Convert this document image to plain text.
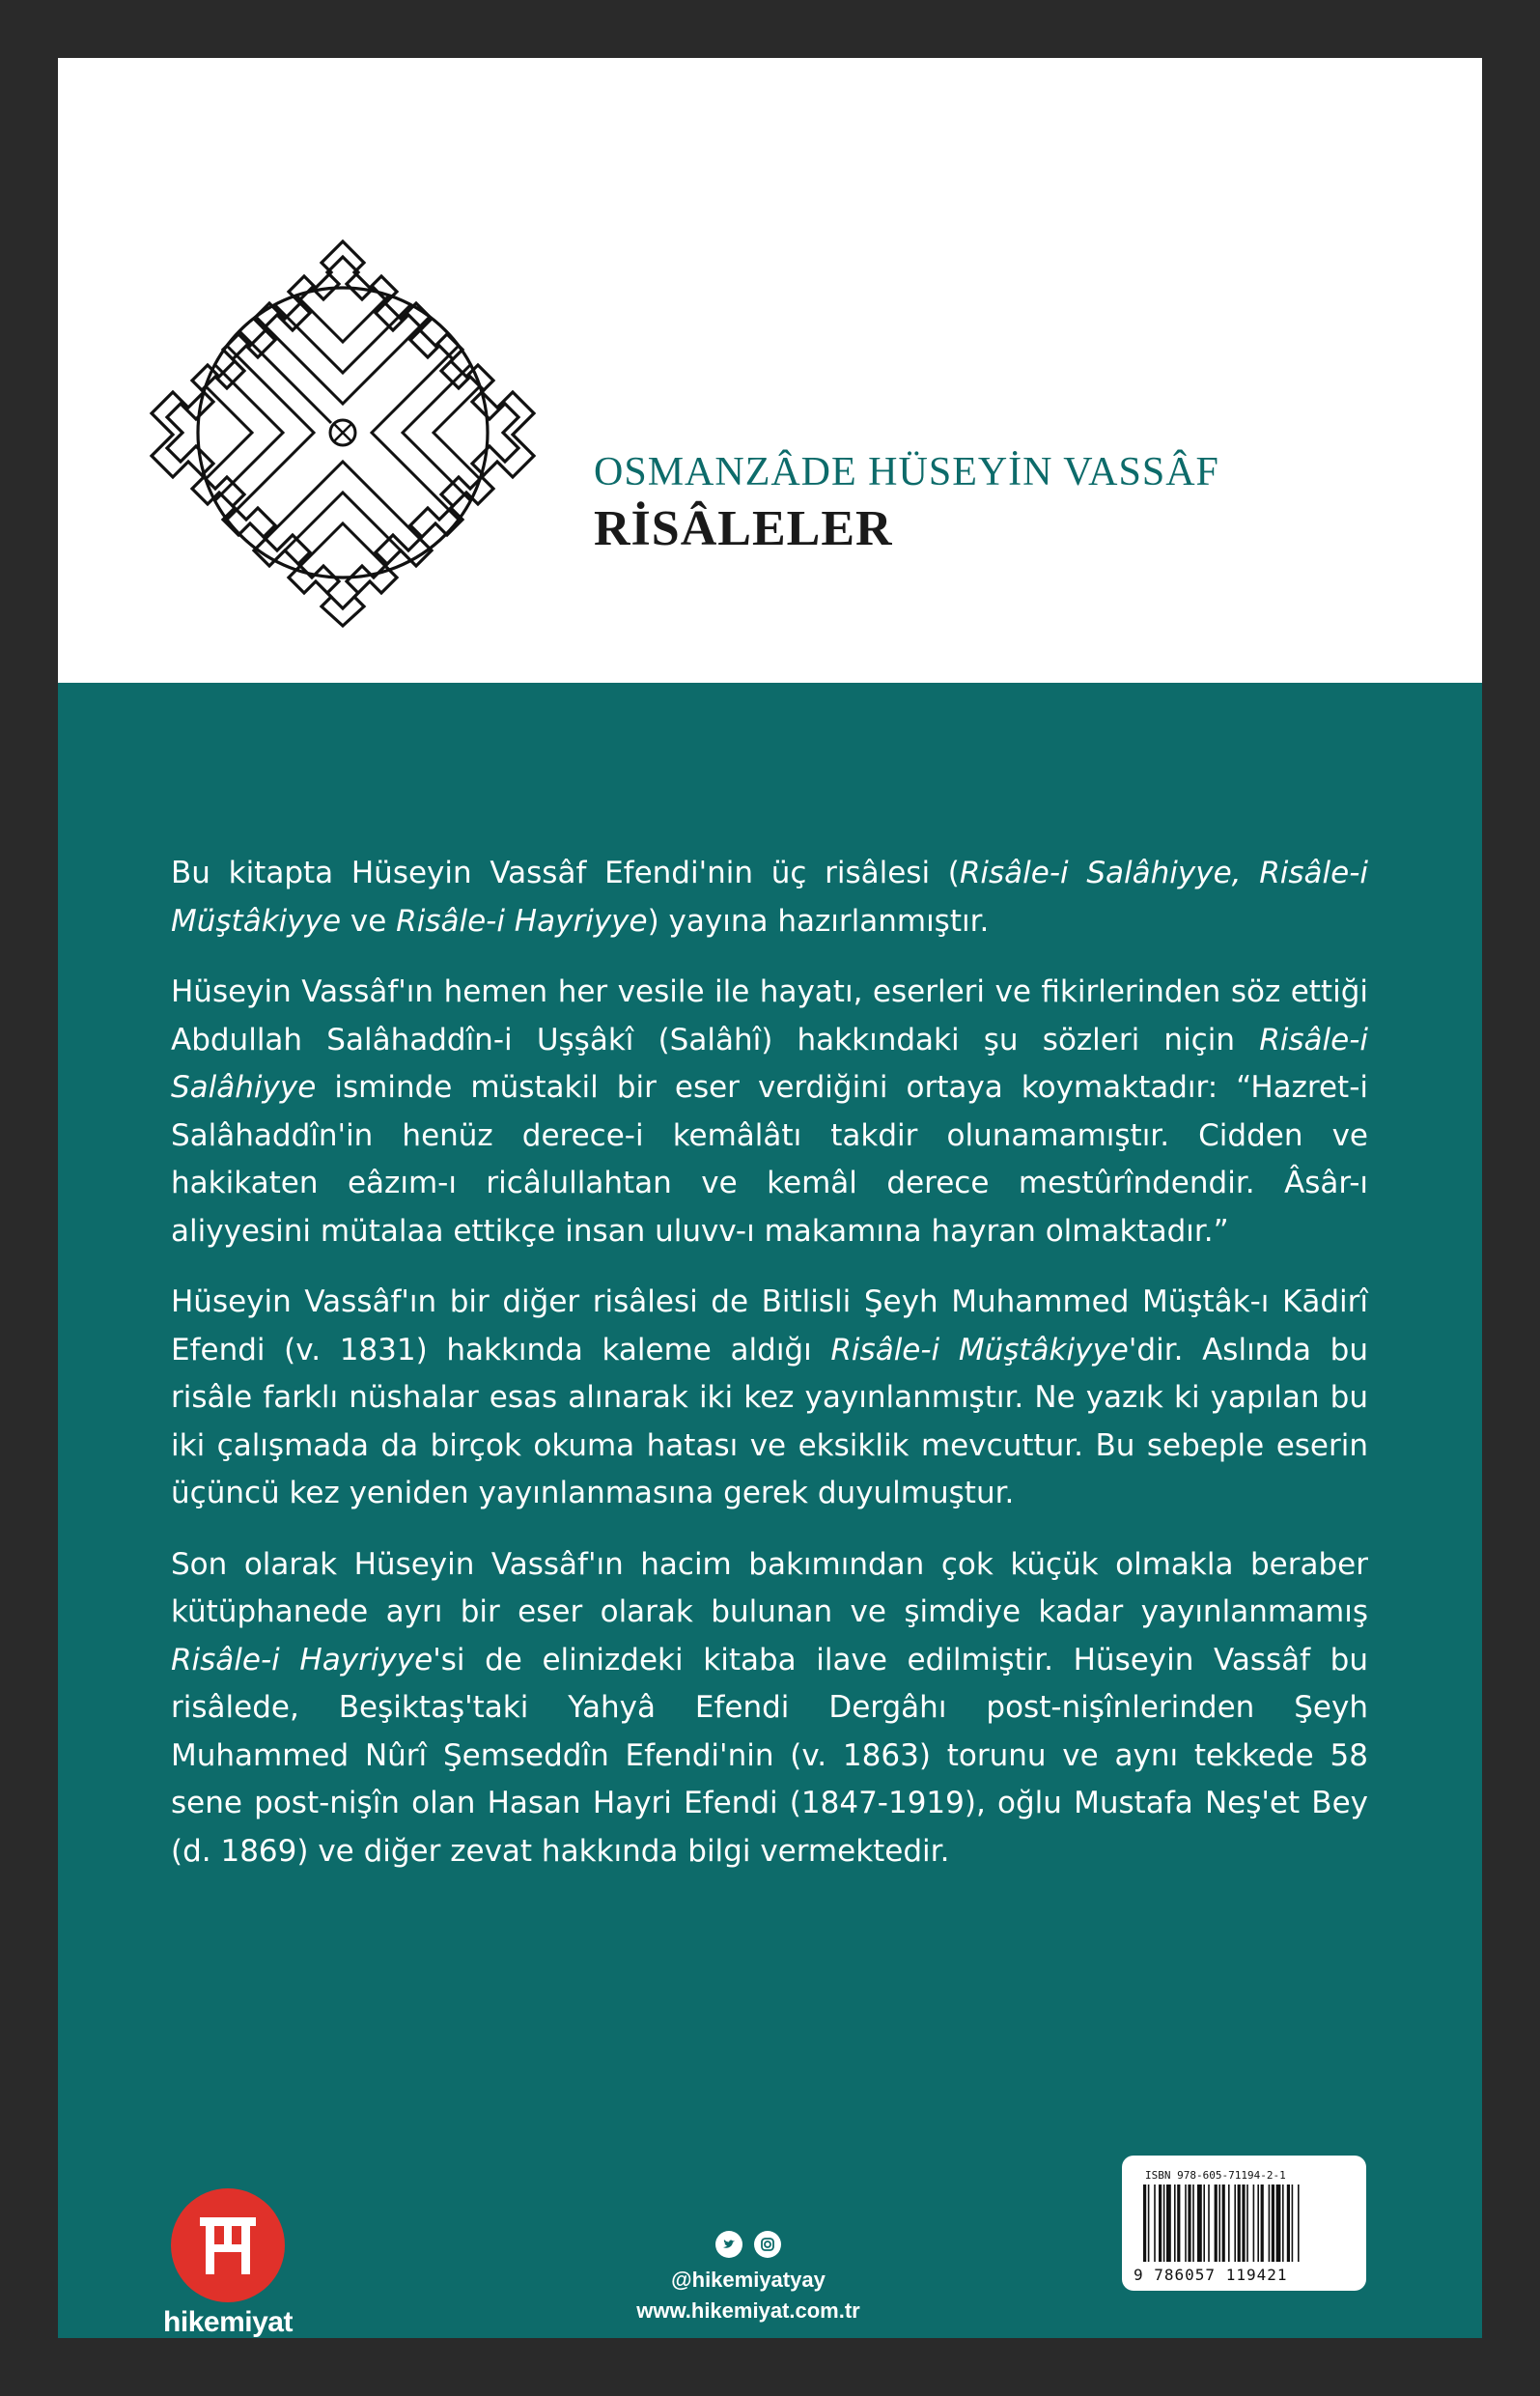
OSMANZÂDE HÜSEYİN VASSÂF
RİSÂLELER

Bu kitapta Hüseyin Vassâf Efendi'nin üç risâlesi (Risâle-i Salâhiyye, Risâle-i Müştâkiyye ve Risâle-i Hayriyye) yayına hazırlanmıştır.

Hüseyin Vassâf'ın hemen her vesile ile hayatı, eserleri ve fikirlerinden söz ettiği Abdullah Salâhaddîn-i Uşşâkî (Salâhî) hakkındaki şu sözleri niçin Risâle-i Salâhiyye isminde müstakil bir eser verdiğini ortaya koymaktadır: “Hazret-i Salâhaddîn'in henüz derece-i kemâlâtı takdir olunamamıştır. Cidden ve hakikaten eâzım-ı ricâlullahtan ve kemâl derece mestûrîndendir. Âsâr-ı aliyyesini mütalaa ettikçe insan uluvv-ı makamına hayran olmaktadır.”

Hüseyin Vassâf'ın bir diğer risâlesi de Bitlisli Şeyh Muhammed Müştâk-ı Kādirî Efendi (v. 1831) hakkında kaleme aldığı Risâle-i Müştâkiyye'dir. Aslında bu risâle farklı nüshalar esas alınarak iki kez yayınlanmıştır. Ne yazık ki yapılan bu iki çalışmada da birçok okuma hatası ve eksiklik mevcuttur. Bu sebeple eserin üçüncü kez yeniden yayınlanmasına gerek duyulmuştur.

Son olarak Hüseyin Vassâf'ın hacim bakımından çok küçük olmakla beraber kütüphanede ayrı bir eser olarak bulunan ve şimdiye kadar yayınlanmamış Risâle-i Hayriyye'si de elinizdeki kitaba ilave edilmiştir. Hüseyin Vassâf bu risâlede, Beşiktaş'taki Yahyâ Efendi Dergâhı post-nişînlerinden Şeyh Muhammed Nûrî Şemseddîn Efendi'nin (v. 1863) torunu ve aynı tekkede 58 sene post-nişîn olan Hasan Hayri Efendi (1847-1919), oğlu Mustafa Neş'et Bey (d. 1869) ve diğer zevat hakkında bilgi vermektedir.

hikemiyat
@hikemiyatyay
www.hikemiyat.com.tr
ISBN 978-605-71194-2-1
9 786057 119421
